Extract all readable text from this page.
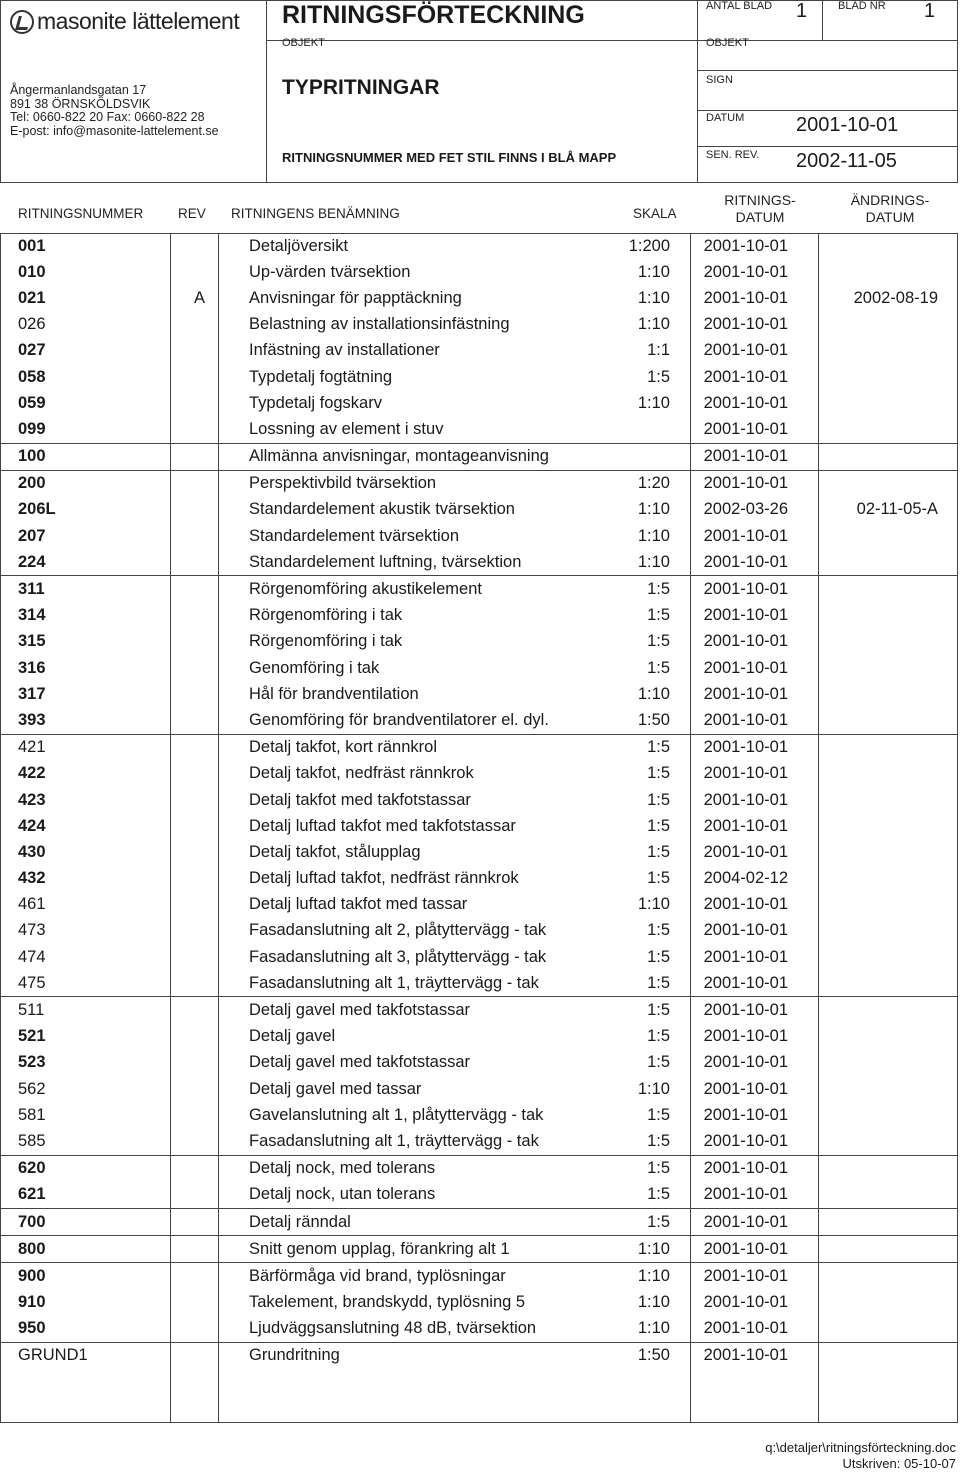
masonite lättelement
Ångermanlandsgatan 17
891 38 ÖRNSKÖLDSVIK
Tel: 0660-822 20 Fax: 0660-822 28
E-post: info@masonite-lattelement.se
RITNINGSFÖRTECKNING
OBJEKT
TYPRITNINGAR
RITNINGSNUMMER MED FET STIL FINNS I BLÅ MAPP
ANTAL BLAD 1	BLAD NR 1
OBJEKT
SIGN
DATUM	2001-10-01
SEN. REV. 2002-11-05
RITNINGSNUMMER	REV RITNINGENS BENÄMNING	SKALA
RITNINGS-
DATUM
ÄNDRINGS-
DATUM
001		Detaljöversikt	1:200	2001-10-01	
010		Up-värden tvärsektion	1:10	2001-10-01	
021	A	Anvisningar för papptäckning	1:10	2001-10-01	2002-08-19
026		Belastning av installationsinfästning	1:10	2001-10-01	
027		Infästning av installationer	1:1	2001-10-01	
058		Typdetalj fogtätning	1:5	2001-10-01	
059		Typdetalj fogskarv	1:10	2001-10-01	
099		Lossning av element i stuv		2001-10-01	
100		Allmänna anvisningar, montageanvisning		2001-10-01	
200		Perspektivbild tvärsektion	1:20	2001-10-01	
206L		Standardelement akustik tvärsektion	1:10	2002-03-26	02-11-05-A
207		Standardelement tvärsektion	1:10	2001-10-01	
224		Standardelement luftning, tvärsektion	1:10	2001-10-01	
311		Rörgenomföring akustikelement	1:5	2001-10-01	
314		Rörgenomföring i tak	1:5	2001-10-01	
315		Rörgenomföring i tak	1:5	2001-10-01	
316		Genomföring i tak	1:5	2001-10-01	
317		Hål för brandventilation	1:10	2001-10-01	
393		Genomföring för brandventilatorer el. dyl.	1:50	2001-10-01	
421		Detalj takfot, kort rännkrol	1:5	2001-10-01	
422		Detalj takfot, nedfräst rännkrok	1:5	2001-10-01	
423		Detalj takfot med takfotstassar	1:5	2001-10-01	
424		Detalj luftad takfot med takfotstassar	1:5	2001-10-01	
430		Detalj takfot, stålupplag	1:5	2001-10-01	
432		Detalj luftad takfot, nedfräst rännkrok	1:5	2004-02-12	
461		Detalj luftad takfot med tassar	1:10	2001-10-01	
473		Fasadanslutning alt 2, plåtyttervägg - tak	1:5	2001-10-01	
474		Fasadanslutning alt 3, plåtyttervägg - tak	1:5	2001-10-01	
475		Fasadanslutning alt 1, träyttervägg - tak	1:5	2001-10-01	
511		Detalj gavel med takfotstassar	1:5	2001-10-01	
521		Detalj gavel	1:5	2001-10-01	
523		Detalj gavel med takfotstassar	1:5	2001-10-01	
562		Detalj gavel med tassar	1:10	2001-10-01	
581		Gavelanslutning alt 1, plåtyttervägg - tak	1:5	2001-10-01	
585		Fasadanslutning alt 1, träyttervägg - tak	1:5	2001-10-01	
620		Detalj nock, med tolerans	1:5	2001-10-01	
621		Detalj nock, utan tolerans	1:5	2001-10-01	
700		Detalj ränndal	1:5	2001-10-01	
800		Snitt genom upplag, förankring alt 1	1:10	2001-10-01	
900		Bärförmåga vid brand, typlösningar	1:10	2001-10-01	
910		Takelement, brandskydd, typlösning 5	1:10	2001-10-01	
950		Ljudväggsanslutning 48 dB, tvärsektion	1:10	2001-10-01	
GRUND1		Grundritning	1:50	2001-10-01	
q:\detaljer\ritningsförteckning.doc
Utskriven: 05-10-07
